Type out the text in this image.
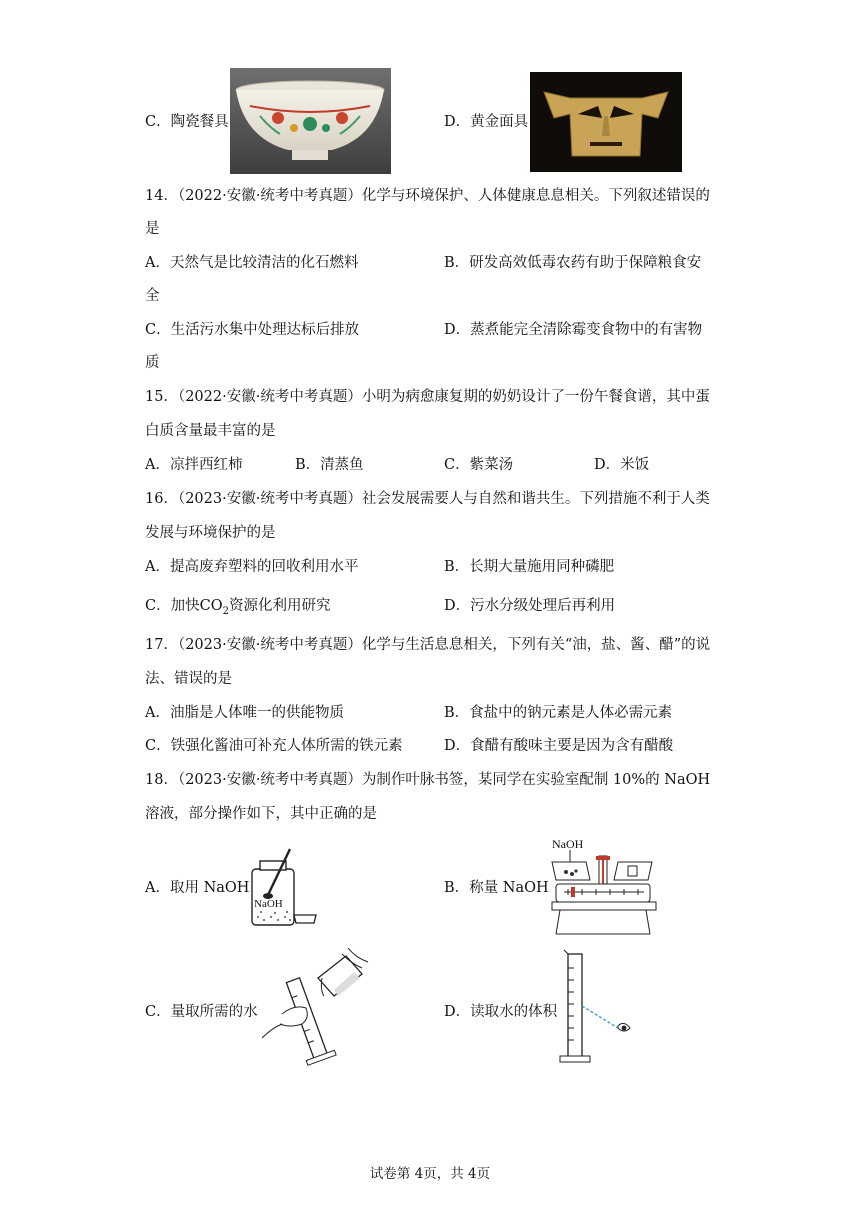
C．陶瓷餐具	D．黄金面具
14．（2022·安徽·统考中考真题）化学与环境保护、人体健康息息相关。下列叙述错误的
是
A．天然气是比较清洁的化石燃料	B．研发高效低毒农药有助于保障粮食安
全
C．生活污水集中处理达标后排放	D．蒸煮能完全清除霉变食物中的有害物
质
15．（2022·安徽·统考中考真题）小明为病愈康复期的奶奶设计了一份午餐食谱，其中蛋
白质含量最丰富的是
A．凉拌西红柿	B．清蒸鱼	C．紫菜汤	D．米饭
16．（2023·安徽·统考中考真题）社会发展需要人与自然和谐共生。下列措施不利于人类
发展与环境保护的是
A．提高废弃塑料的回收利用水平	B．长期大量施用同种磷肥
C．加快$CO_2$资源化利用研究	D．污水分级处理后再利用
17．（2023·安徽·统考中考真题）化学与生活息息相关，下列有关“油，盐、酱、醋”的说
法、错误的是
A．油脂是人体唯一的供能物质	B．食盐中的钠元素是人体必需元素
C．铁强化酱油可补充人体所需的铁元素	D．食醋有酸味主要是因为含有醋酸
18．（2023·安徽·统考中考真题）为制作叶脉书签，某同学在实验室配制 10%的 NaOH
溶液，部分操作如下，其中正确的是
A．取用 NaOH
NaOH
B．称量 NaOH
NaOH
C．量取所需的水	D．读取水的体积
试卷第 4页，共 4页
